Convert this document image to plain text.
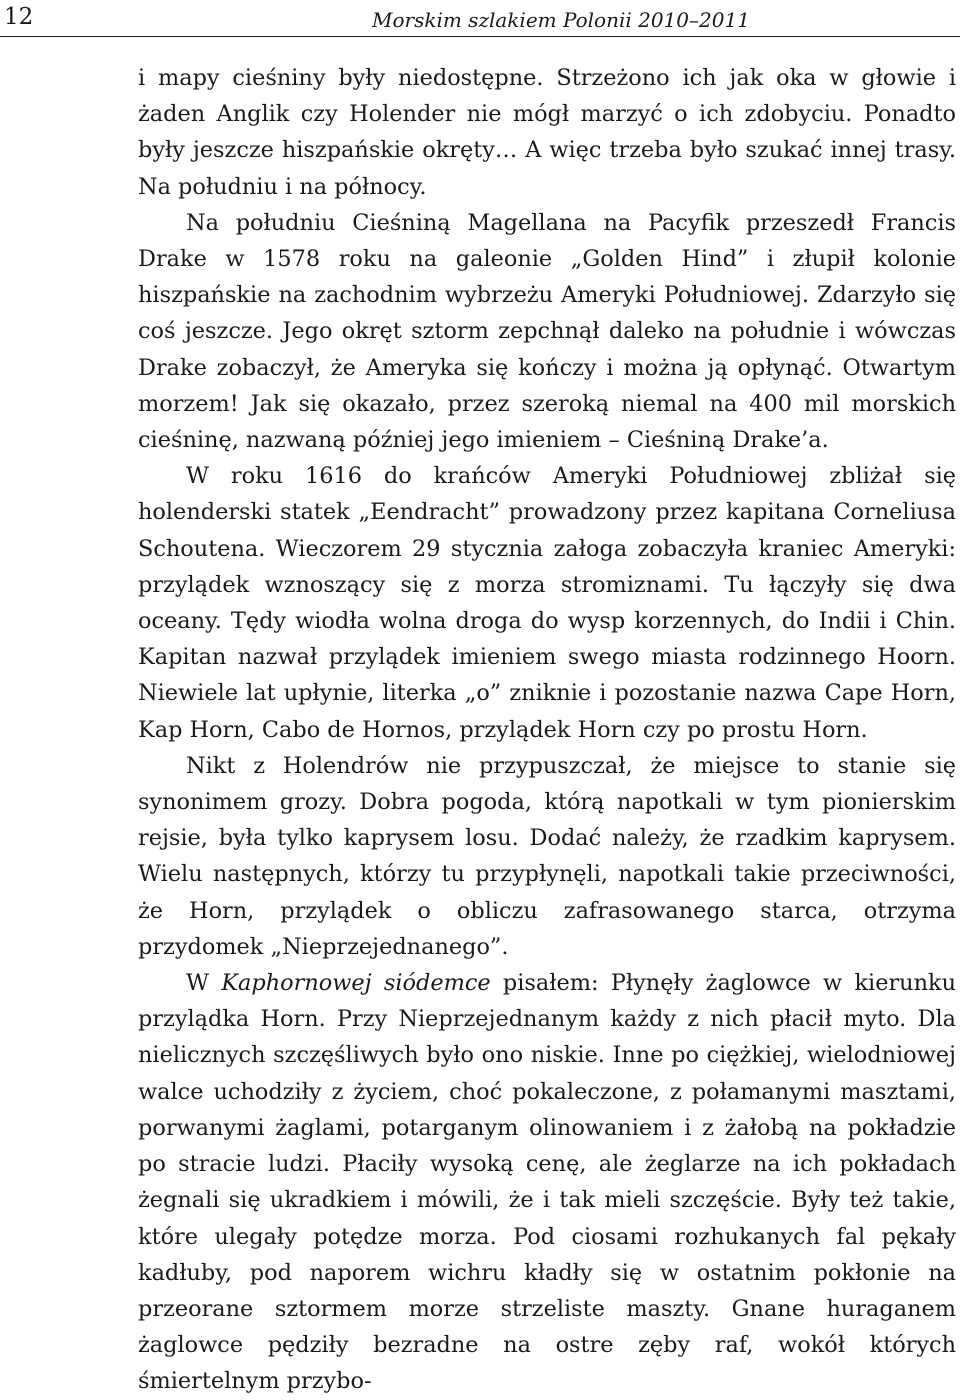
12	Morskim szlakiem Polonii 2010–2011

i mapy cieśniny były niedostępne. Strzeżono ich jak oka w głowie i żaden Anglik czy Holender nie mógł marzyć o ich zdobyciu. Ponadto były jeszcze hiszpańskie okręty… A więc trzeba było szukać innej trasy. Na południu i na północy.

Na południu Cieśniną Magellana na Pacyfik przeszedł Francis Drake w 1578 roku na galeonie „Golden Hind” i złupił kolonie hiszpańskie na zachodnim wybrzeżu Ameryki Południowej. Zdarzyło się coś jeszcze. Jego okręt sztorm zepchnął daleko na południe i wówczas Drake zobaczył, że Ameryka się kończy i można ją opłynąć. Otwartym morzem! Jak się okazało, przez szeroką niemal na 400 mil morskich cieśninę, nazwaną później jego imieniem – Cieśniną Drake’a.

W roku 1616 do krańców Ameryki Południowej zbliżał się holenderski statek „Eendracht” prowadzony przez kapitana Corneliusa Schoutena. Wieczorem 29 stycznia załoga zobaczyła kraniec Ameryki: przylądek wznoszący się z morza stromiznami. Tu łączyły się dwa oceany. Tędy wiodła wolna droga do wysp korzennych, do Indii i Chin. Kapitan nazwał przylądek imieniem swego miasta rodzinnego Hoorn. Niewiele lat upłynie, literka „o” zniknie i pozostanie nazwa Cape Horn, Kap Horn, Cabo de Hornos, przylądek Horn czy po prostu Horn.

Nikt z Holendrów nie przypuszczał, że miejsce to stanie się synonimem grozy. Dobra pogoda, którą napotkali w tym pionierskim rejsie, była tylko kaprysem losu. Dodać należy, że rzadkim kaprysem. Wielu następnych, którzy tu przypłynęli, napotkali takie przeciwności, że Horn, przylądek o obliczu zafrasowanego starca, otrzyma przydomek „Nieprzejednanego”.

W Kaphornowej siódemce pisałem: Płynęły żaglowce w kierunku przylądka Horn. Przy Nieprzejednanym każdy z nich płacił myto. Dla nielicznych szczęśliwych było ono niskie. Inne po ciężkiej, wielodniowej walce uchodziły z życiem, choć pokaleczone, z połamanymi masztami, porwanymi żaglami, potarganym olinowaniem i z żałobą na pokładzie po stracie ludzi. Płaciły wysoką cenę, ale żeglarze na ich pokładach żegnali się ukradkiem i mówili, że i tak mieli szczęście. Były też takie, które ulegały potędze morza. Pod ciosami rozhukanych fal pękały kadłuby, pod naporem wichru kładły się w ostatnim pokłonie na przeorane sztormem morze strzeliste maszty. Gnane huraganem żaglowce pędziły bezradne na ostre zęby raf, wokół których śmiertelnym przybo-
